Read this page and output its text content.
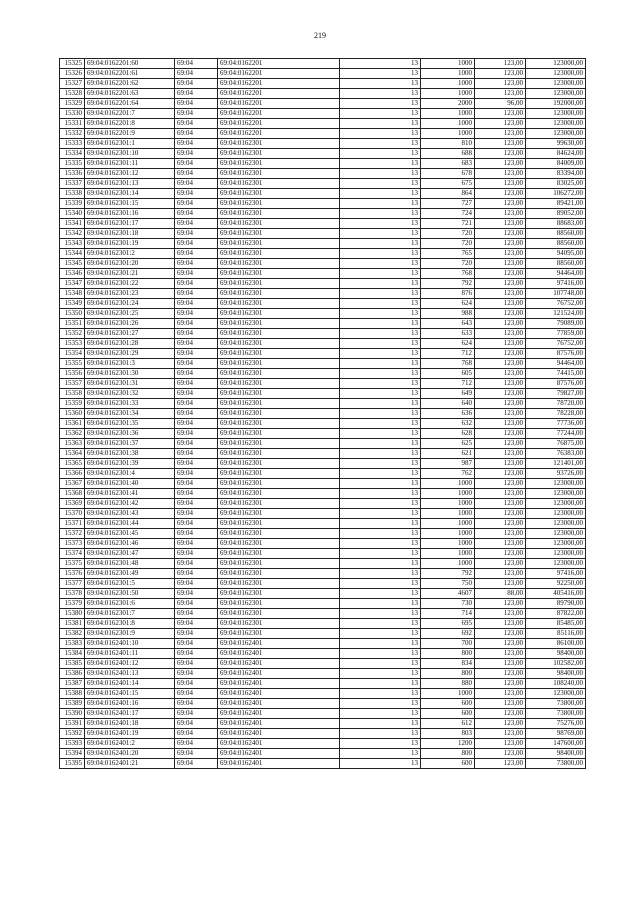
219
15325	69:04:0162201:60	69:04	69:04:0162201	13	1000	123,00	123000,00
15326	69:04:0162201:61	69:04	69:04:0162201	13	1000	123,00	123000,00
15327	69:04:0162201:62	69:04	69:04:0162201	13	1000	123,00	123000,00
15328	69:04:0162201:63	69:04	69:04:0162201	13	1000	123,00	123000,00
15329	69:04:0162201:64	69:04	69:04:0162201	13	2000	96,00	192000,00
15330	69:04:0162201:7	69:04	69:04:0162201	13	1000	123,00	123000,00
15331	69:04:0162201:8	69:04	69:04:0162201	13	1000	123,00	123000,00
15332	69:04:0162201:9	69:04	69:04:0162201	13	1000	123,00	123000,00
15333	69:04:0162301:1	69:04	69:04:0162301	13	810	123,00	99630,00
15334	69:04:0162301:10	69:04	69:04:0162301	13	688	123,00	84624,00
15335	69:04:0162301:11	69:04	69:04:0162301	13	683	123,00	84009,00
15336	69:04:0162301:12	69:04	69:04:0162301	13	678	123,00	83394,00
15337	69:04:0162301:13	69:04	69:04:0162301	13	675	123,00	83025,00
15338	69:04:0162301:14	69:04	69:04:0162301	13	864	123,00	106272,00
15339	69:04:0162301:15	69:04	69:04:0162301	13	727	123,00	89421,00
15340	69:04:0162301:16	69:04	69:04:0162301	13	724	123,00	89052,00
15341	69:04:0162301:17	69:04	69:04:0162301	13	721	123,00	88683,00
15342	69:04:0162301:18	69:04	69:04:0162301	13	720	123,00	88560,00
15343	69:04:0162301:19	69:04	69:04:0162301	13	720	123,00	88560,00
15344	69:04:0162301:2	69:04	69:04:0162301	13	765	123,00	94095,00
15345	69:04:0162301:20	69:04	69:04:0162301	13	720	123,00	88560,00
15346	69:04:0162301:21	69:04	69:04:0162301	13	768	123,00	94464,00
15347	69:04:0162301:22	69:04	69:04:0162301	13	792	123,00	97416,00
15348	69:04:0162301:23	69:04	69:04:0162301	13	876	123,00	107748,00
15349	69:04:0162301:24	69:04	69:04:0162301	13	624	123,00	76752,00
15350	69:04:0162301:25	69:04	69:04:0162301	13	988	123,00	121524,00
15351	69:04:0162301:26	69:04	69:04:0162301	13	643	123,00	79089,00
15352	69:04:0162301:27	69:04	69:04:0162301	13	633	123,00	77859,00
15353	69:04:0162301:28	69:04	69:04:0162301	13	624	123,00	76752,00
15354	69:04:0162301:29	69:04	69:04:0162301	13	712	123,00	87576,00
15355	69:04:0162301:3	69:04	69:04:0162301	13	768	123,00	94464,00
15356	69:04:0162301:30	69:04	69:04:0162301	13	605	123,00	74415,00
15357	69:04:0162301:31	69:04	69:04:0162301	13	712	123,00	87576,00
15358	69:04:0162301:32	69:04	69:04:0162301	13	649	123,00	79827,00
15359	69:04:0162301:33	69:04	69:04:0162301	13	640	123,00	78720,00
15360	69:04:0162301:34	69:04	69:04:0162301	13	636	123,00	78228,00
15361	69:04:0162301:35	69:04	69:04:0162301	13	632	123,00	77736,00
15362	69:04:0162301:36	69:04	69:04:0162301	13	628	123,00	77244,00
15363	69:04:0162301:37	69:04	69:04:0162301	13	625	123,00	76875,00
15364	69:04:0162301:38	69:04	69:04:0162301	13	621	123,00	76383,00
15365	69:04:0162301:39	69:04	69:04:0162301	13	987	123,00	121401,00
15366	69:04:0162301:4	69:04	69:04:0162301	13	762	123,00	93726,00
15367	69:04:0162301:40	69:04	69:04:0162301	13	1000	123,00	123000,00
15368	69:04:0162301:41	69:04	69:04:0162301	13	1000	123,00	123000,00
15369	69:04:0162301:42	69:04	69:04:0162301	13	1000	123,00	123000,00
15370	69:04:0162301:43	69:04	69:04:0162301	13	1000	123,00	123000,00
15371	69:04:0162301:44	69:04	69:04:0162301	13	1000	123,00	123000,00
15372	69:04:0162301:45	69:04	69:04:0162301	13	1000	123,00	123000,00
15373	69:04:0162301:46	69:04	69:04:0162301	13	1000	123,00	123000,00
15374	69:04:0162301:47	69:04	69:04:0162301	13	1000	123,00	123000,00
15375	69:04:0162301:48	69:04	69:04:0162301	13	1000	123,00	123000,00
15376	69:04:0162301:49	69:04	69:04:0162301	13	792	123,00	97416,00
15377	69:04:0162301:5	69:04	69:04:0162301	13	750	123,00	92250,00
15378	69:04:0162301:50	69:04	69:04:0162301	13	4607	88,00	405416,00
15379	69:04:0162301:6	69:04	69:04:0162301	13	730	123,00	89790,00
15380	69:04:0162301:7	69:04	69:04:0162301	13	714	123,00	87822,00
15381	69:04:0162301:8	69:04	69:04:0162301	13	695	123,00	85485,00
15382	69:04:0162301:9	69:04	69:04:0162301	13	692	123,00	85116,00
15383	69:04:0162401:10	69:04	69:04:0162401	13	700	123,00	86100,00
15384	69:04:0162401:11	69:04	69:04:0162401	13	800	123,00	98400,00
15385	69:04:0162401:12	69:04	69:04:0162401	13	834	123,00	102582,00
15386	69:04:0162401:13	69:04	69:04:0162401	13	800	123,00	98400,00
15387	69:04:0162401:14	69:04	69:04:0162401	13	880	123,00	108240,00
15388	69:04:0162401:15	69:04	69:04:0162401	13	1000	123,00	123000,00
15389	69:04:0162401:16	69:04	69:04:0162401	13	600	123,00	73800,00
15390	69:04:0162401:17	69:04	69:04:0162401	13	600	123,00	73800,00
15391	69:04:0162401:18	69:04	69:04:0162401	13	612	123,00	75276,00
15392	69:04:0162401:19	69:04	69:04:0162401	13	803	123,00	98769,00
15393	69:04:0162401:2	69:04	69:04:0162401	13	1200	123,00	147600,00
15394	69:04:0162401:20	69:04	69:04:0162401	13	800	123,00	98400,00
15395	69:04:0162401:21	69:04	69:04:0162401	13	600	123,00	73800,00
